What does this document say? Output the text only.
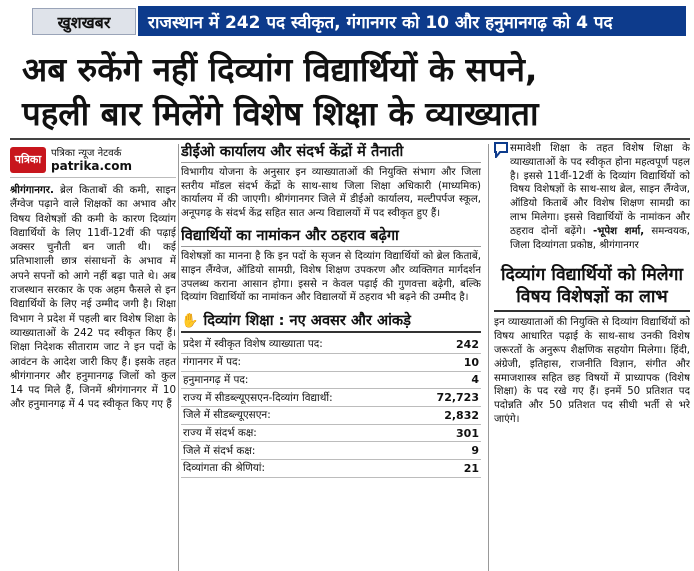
खुशखबर	राजस्थान में 242 पद स्वीकृत, गंगानगर को 10 और हनुमानगढ़ को 4 पद
अब रुकेंगे नहीं दिव्यांग विद्यार्थियों के सपने,
पहली बार मिलेंगे विशेष शिक्षा के व्याख्याता
पत्रिका पत्रिका न्यूज नेटवर्क
patrika.com

श्रीगंगानगर. ब्रेल किताबों की कमी, साइन लैंग्वेज पढ़ाने वाले शिक्षकों का अभाव और विषय विशेषज्ञों की कमी के कारण दिव्यांग विद्यार्थियों के लिए 11वीं-12वीं की पढ़ाई अक्सर चुनौती बन जाती थी। कई प्रतिभाशाली छात्र संसाधनों के अभाव में अपने सपनों को आगे नहीं बढ़ा पाते थे। अब राजस्थान सरकार के एक अहम फैसले से इन विद्यार्थियों के लिए नई उम्मीद जगी है। शिक्षा विभाग ने प्रदेश में पहली बार विशेष शिक्षा के व्याख्याताओं के 242 पद स्वीकृत किए हैं। शिक्षा निदेशक सीताराम जाट ने इन पदों के आवंटन के आदेश जारी किए हैं। इसके तहत श्रीगंगानगर और हनुमानगढ़ जिलों को कुल 14 पद मिले हैं, जिनमें श्रीगंगानगर में 10 और हनुमानगढ़ में 4 पद स्वीकृत किए गए हैं

डीईओ कार्यालय और संदर्भ केंद्रों में तैनाती

विभागीय योजना के अनुसार इन व्याख्याताओं की नियुक्ति संभाग और जिला स्तरीय मॉडल संदर्भ केंद्रों के साथ-साथ जिला शिक्षा अधिकारी (माध्यमिक) कार्यालय में की जाएगी। श्रीगंगानगर जिले में डीईओ कार्यालय, मल्टीपर्पज स्कूल, अनूपगढ़ के संदर्भ केंद्र सहित सात अन्य विद्यालयों में पद स्वीकृत हुए हैं।

विद्यार्थियों का नामांकन और ठहराव बढ़ेगा

विशेषज्ञों का मानना है कि इन पदों के सृजन से दिव्यांग विद्यार्थियों को ब्रेल किताबें, साइन लैंग्वेज, ऑडियो सामग्री, विशेष शिक्षण उपकरण और व्यक्तिगत मार्गदर्शन उपलब्ध कराना आसान होगा। इससे न केवल पढ़ाई की गुणवत्ता बढ़ेगी, बल्कि दिव्यांग विद्यार्थियों का नामांकन और विद्यालयों में ठहराव भी बढ़ने की उम्मीद है।

✋ दिव्यांग शिक्षा : नए अवसर और आंकड़े
प्रदेश में स्वीकृत विशेष व्याख्याता पद:	242
गंगानगर में पद:	10
हनुमानगढ़ में पद:	4
राज्य में सीडब्ल्यूएसएन-दिव्यांग विद्यार्थी:	72,723
जिले में सीडब्ल्यूएसएन:	2,832
राज्य में संदर्भ कक्ष:	301
जिले में संदर्भ कक्ष:	9
दिव्यांगता की श्रेणियां:	21

समावेशी शिक्षा के तहत विशेष शिक्षा के व्याख्याताओं के पद स्वीकृत होना महत्वपूर्ण पहल है। इससे 11वीं-12वीं के दिव्यांग विद्यार्थियों को विषय विशेषज्ञों के साथ-साथ ब्रेल, साइन लैंग्वेज, ऑडियो किताबें और विशेष शिक्षण सामग्री का लाभ मिलेगा। इससे विद्यार्थियों के नामांकन और ठहराव दोनों बढ़ेंगे। -भूपेश शर्मा, समन्वयक, जिला दिव्यांगता प्रकोष्ठ, श्रीगंगानगर

दिव्यांग विद्यार्थियों को मिलेगा विषय विशेषज्ञों का लाभ

इन व्याख्याताओं की नियुक्ति से दिव्यांग विद्यार्थियों को विषय आधारित पढ़ाई के साथ-साथ उनकी विशेष जरूरतों के अनुरूप शैक्षणिक सहयोग मिलेगा। हिंदी, अंग्रेजी, इतिहास, राजनीति विज्ञान, संगीत और समाजशास्त्र सहित छह विषयों में प्राध्यापक (विशेष शिक्षा) के पद रखे गए हैं। इनमें 50 प्रतिशत पद पदोन्नति और 50 प्रतिशत पद सीधी भर्ती से भरे जाएंगे।
